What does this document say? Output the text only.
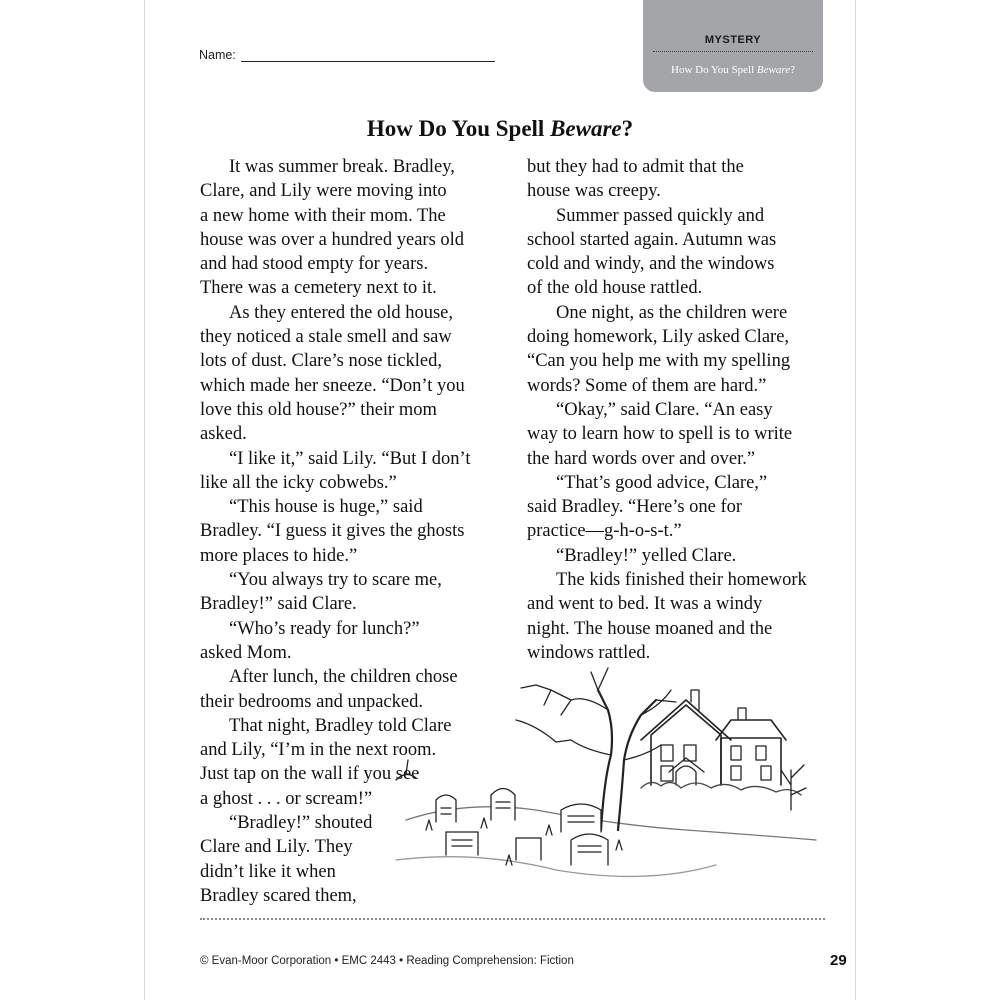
Name:
MYSTERY
How Do You Spell Beware?
How Do You Spell Beware?
It was summer break. Bradley,
Clare, and Lily were moving into
a new home with their mom. The
house was over a hundred years old
and had stood empty for years.
There was a cemetery next to it.
As they entered the old house,
they noticed a stale smell and saw
lots of dust. Clare’s nose tickled,
which made her sneeze. “Don’t you
love this old house?” their mom
asked.
“I like it,” said Lily. “But I don’t
like all the icky cobwebs.”
“This house is huge,” said
Bradley. “I guess it gives the ghosts
more places to hide.”
“You always try to scare me,
Bradley!” said Clare.
“Who’s ready for lunch?”
asked Mom.
After lunch, the children chose
their bedrooms and unpacked.
That night, Bradley told Clare
and Lily, “I’m in the next room.
Just tap on the wall if you see
a ghost . . . or scream!”
“Bradley!” shouted
Clare and Lily. They
didn’t like it when
Bradley scared them,
but they had to admit that the
house was creepy.
Summer passed quickly and
school started again. Autumn was
cold and windy, and the windows
of the old house rattled.
One night, as the children were
doing homework, Lily asked Clare,
“Can you help me with my spelling
words? Some of them are hard.”
“Okay,” said Clare. “An easy
way to learn how to spell is to write
the hard words over and over.”
“That’s good advice, Clare,”
said Bradley. “Here’s one for
practice—g-h-o-s-t.”
“Bradley!” yelled Clare.
The kids finished their homework
and went to bed. It was a windy
night. The house moaned and the
windows rattled.
© Evan-Moor Corporation • EMC 2443 • Reading Comprehension: Fiction	29
